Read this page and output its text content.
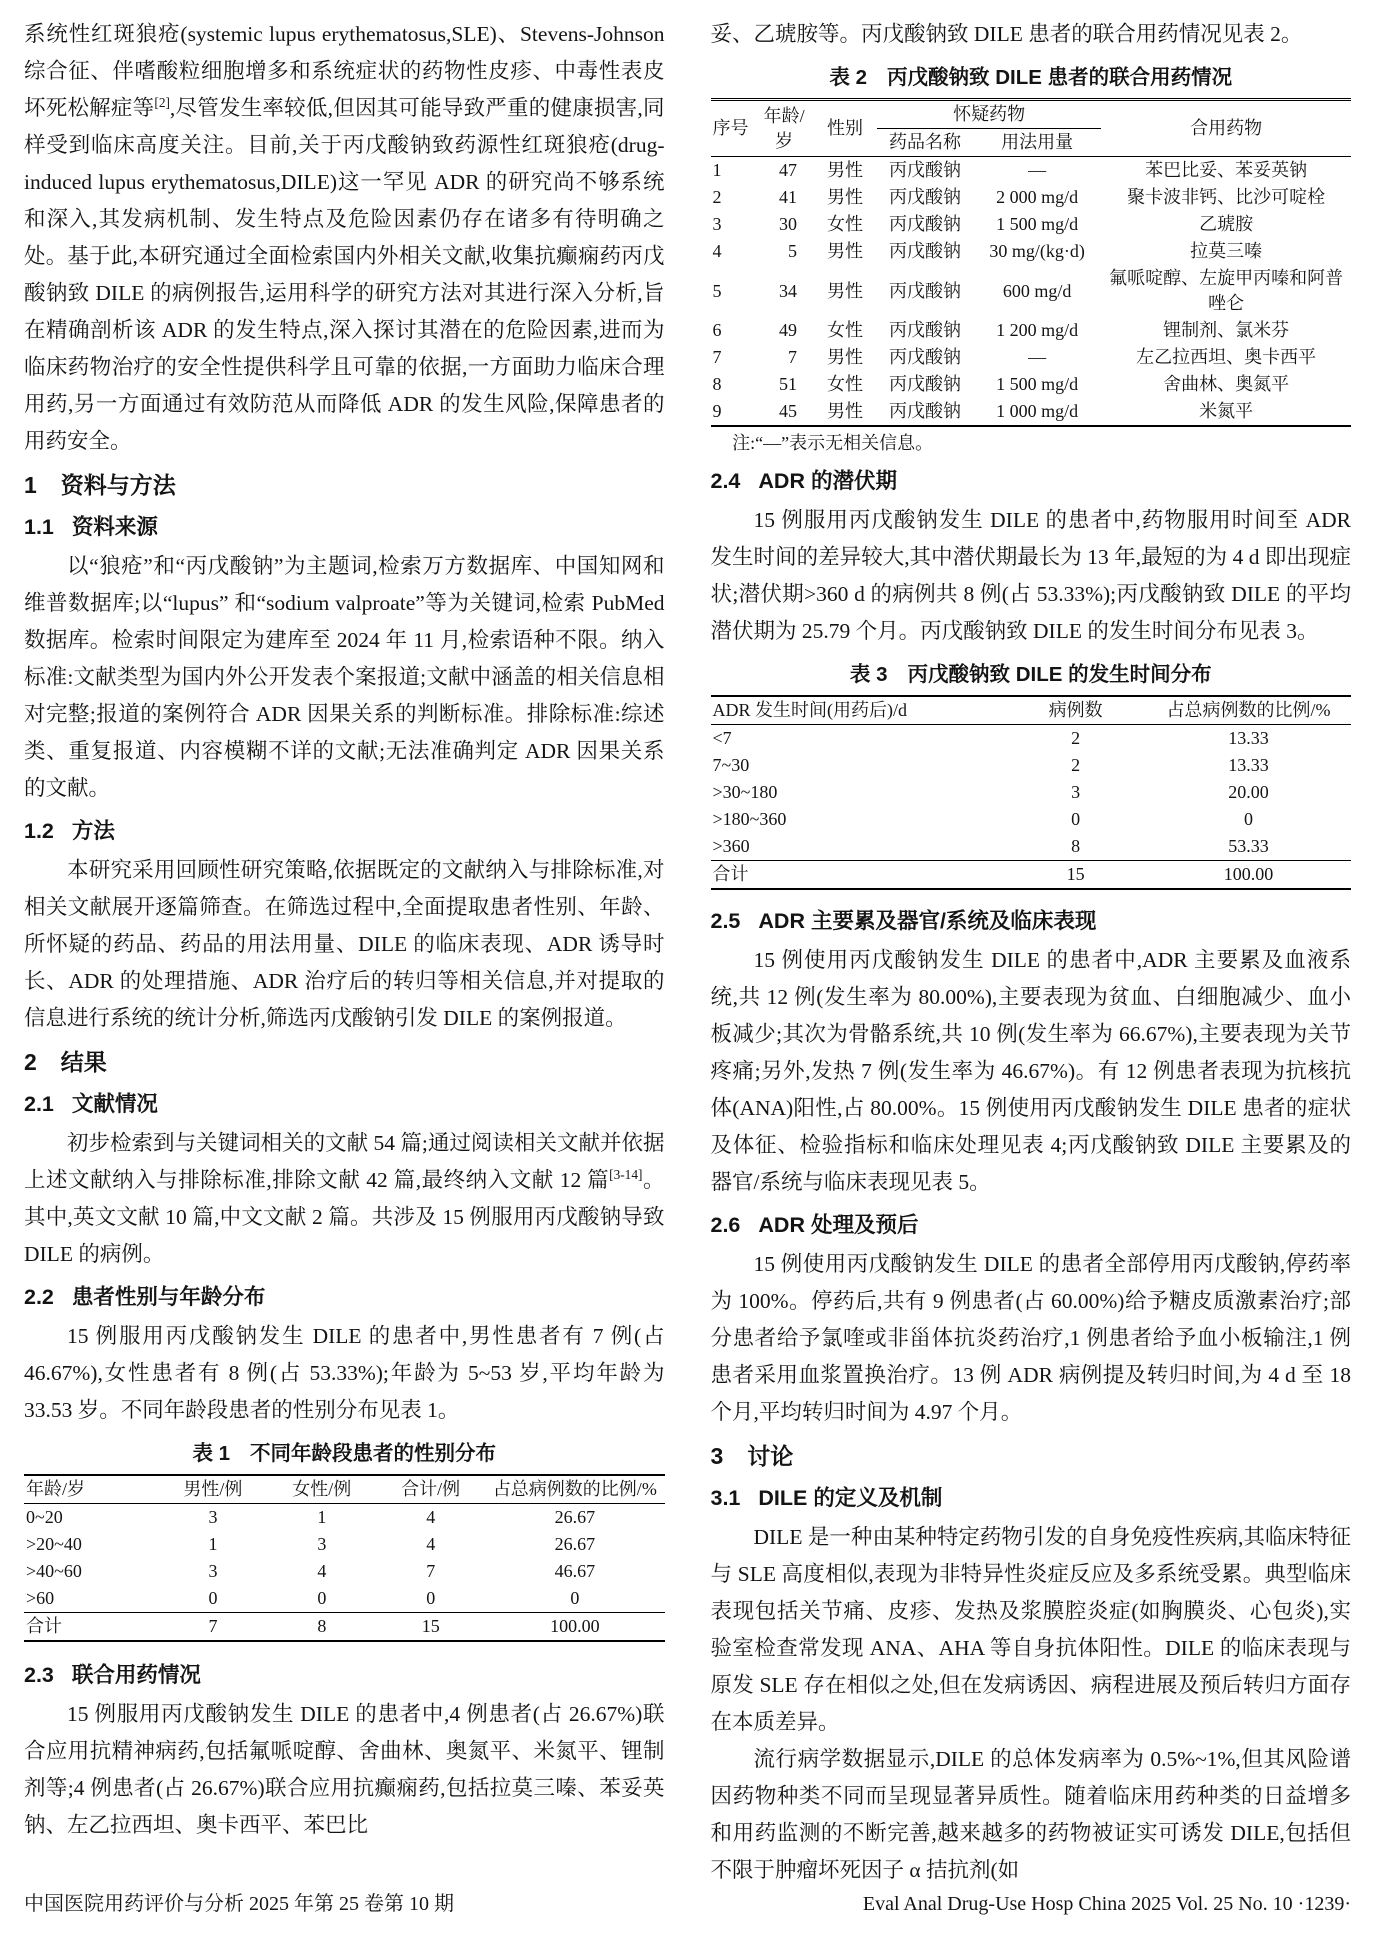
系统性红斑狼疮(systemic lupus erythematosus,SLE)、Stevens-Johnson 综合征、伴嗜酸粒细胞增多和系统症状的药物性皮疹、中毒性表皮坏死松解症等[2],尽管发生率较低,但因其可能导致严重的健康损害,同样受到临床高度关注。目前,关于丙戊酸钠致药源性红斑狼疮(drug-induced lupus erythematosus,DILE)这一罕见 ADR 的研究尚不够系统和深入,其发病机制、发生特点及危险因素仍存在诸多有待明确之处。基于此,本研究通过全面检索国内外相关文献,收集抗癫痫药丙戊酸钠致 DILE 的病例报告,运用科学的研究方法对其进行深入分析,旨在精确剖析该 ADR 的发生特点,深入探讨其潜在的危险因素,进而为临床药物治疗的安全性提供科学且可靠的依据,一方面助力临床合理用药,另一方面通过有效防范从而降低 ADR 的发生风险,保障患者的用药安全。

1 资料与方法
1.1 资料来源

以“狼疮”和“丙戊酸钠”为主题词,检索万方数据库、中国知网和维普数据库;以“lupus” 和“sodium valproate”等为关键词,检索 PubMed 数据库。检索时间限定为建库至 2024 年 11 月,检索语种不限。纳入标准:文献类型为国内外公开发表个案报道;文献中涵盖的相关信息相对完整;报道的案例符合 ADR 因果关系的判断标准。排除标准:综述类、重复报道、内容模糊不详的文献;无法准确判定 ADR 因果关系的文献。

1.2 方法

本研究采用回顾性研究策略,依据既定的文献纳入与排除标准,对相关文献展开逐篇筛查。在筛选过程中,全面提取患者性别、年龄、所怀疑的药品、药品的用法用量、DILE 的临床表现、ADR 诱导时长、ADR 的处理措施、ADR 治疗后的转归等相关信息,并对提取的信息进行系统的统计分析,筛选丙戊酸钠引发 DILE 的案例报道。

2 结果
2.1 文献情况

初步检索到与关键词相关的文献 54 篇;通过阅读相关文献并依据上述文献纳入与排除标准,排除文献 42 篇,最终纳入文献 12 篇[3-14]。其中,英文文献 10 篇,中文文献 2 篇。共涉及 15 例服用丙戊酸钠导致 DILE 的病例。

2.2 患者性别与年龄分布

15 例服用丙戊酸钠发生 DILE 的患者中,男性患者有 7 例(占 46.67%),女性患者有 8 例(占 53.33%);年龄为 5~53 岁,平均年龄为 33.53 岁。不同年龄段患者的性别分布见表 1。

表 1 不同年龄段患者的性别分布
年龄/岁	男性/例	女性/例	合计/例	占总病例数的比例/%
0~20	3	1	4	26.67
>20~40	1	3	4	26.67
>40~60	3	4	7	46.67
>60	0	0	0	0
合计	7	8	15	100.00
2.3 联合用药情况

15 例服用丙戊酸钠发生 DILE 的患者中,4 例患者(占 26.67%)联合应用抗精神病药,包括氟哌啶醇、舍曲林、奥氮平、米氮平、锂制剂等;4 例患者(占 26.67%)联合应用抗癫痫药,包括拉莫三嗪、苯妥英钠、左乙拉西坦、奥卡西平、苯巴比

妥、乙琥胺等。丙戊酸钠致 DILE 患者的联合用药情况见表 2。

表 2 丙戊酸钠致 DILE 患者的联合用药情况
序号	年龄/岁	性别	怀疑药物		合用药物
			药品名称	用法用量	
1	47	男性	丙戊酸钠	—	苯巴比妥、苯妥英钠
2	41	男性	丙戊酸钠	2 000 mg/d	聚卡波非钙、比沙可啶栓
3	30	女性	丙戊酸钠	1 500 mg/d	乙琥胺
4	5	男性	丙戊酸钠	30 mg/(kg·d)	拉莫三嗪
5	34	男性	丙戊酸钠	600 mg/d	氟哌啶醇、左旋甲丙嗪和阿普唑仑
6	49	女性	丙戊酸钠	1 200 mg/d	锂制剂、氯米芬
7	7	男性	丙戊酸钠	—	左乙拉西坦、奥卡西平
8	51	女性	丙戊酸钠	1 500 mg/d	舍曲林、奥氮平
9	45	男性	丙戊酸钠	1 000 mg/d	米氮平

注:“—”表示无相关信息。

2.4 ADR 的潜伏期

15 例服用丙戊酸钠发生 DILE 的患者中,药物服用时间至 ADR 发生时间的差异较大,其中潜伏期最长为 13 年,最短的为 4 d 即出现症状;潜伏期>360 d 的病例共 8 例(占 53.33%);丙戊酸钠致 DILE 的平均潜伏期为 25.79 个月。丙戊酸钠致 DILE 的发生时间分布见表 3。

表 3 丙戊酸钠致 DILE 的发生时间分布
ADR 发生时间(用药后)/d	病例数	占总病例数的比例/%
<7	2	13.33
7~30	2	13.33
>30~180	3	20.00
>180~360	0	0
>360	8	53.33
合计	15	100.00
2.5 ADR 主要累及器官/系统及临床表现

15 例使用丙戊酸钠发生 DILE 的患者中,ADR 主要累及血液系统,共 12 例(发生率为 80.00%),主要表现为贫血、白细胞减少、血小板减少;其次为骨骼系统,共 10 例(发生率为 66.67%),主要表现为关节疼痛;另外,发热 7 例(发生率为 46.67%)。有 12 例患者表现为抗核抗体(ANA)阳性,占 80.00%。15 例使用丙戊酸钠发生 DILE 患者的症状及体征、检验指标和临床处理见表 4;丙戊酸钠致 DILE 主要累及的器官/系统与临床表现见表 5。

2.6 ADR 处理及预后

15 例使用丙戊酸钠发生 DILE 的患者全部停用丙戊酸钠,停药率为 100%。停药后,共有 9 例患者(占 60.00%)给予糖皮质激素治疗;部分患者给予氯喹或非甾体抗炎药治疗,1 例患者给予血小板输注,1 例患者采用血浆置换治疗。13 例 ADR 病例提及转归时间,为 4 d 至 18 个月,平均转归时间为 4.97 个月。

3 讨论
3.1 DILE 的定义及机制

DILE 是一种由某种特定药物引发的自身免疫性疾病,其临床特征与 SLE 高度相似,表现为非特异性炎症反应及多系统受累。典型临床表现包括关节痛、皮疹、发热及浆膜腔炎症(如胸膜炎、心包炎),实验室检查常发现 ANA、AHA 等自身抗体阳性。DILE 的临床表现与原发 SLE 存在相似之处,但在发病诱因、病程进展及预后转归方面存在本质差异。

流行病学数据显示,DILE 的总体发病率为 0.5%~1%,但其风险谱因药物种类不同而呈现显著异质性。随着临床用药种类的日益增多和用药监测的不断完善,越来越多的药物被证实可诱发 DILE,包括但不限于肿瘤坏死因子 α 拮抗剂(如

中国医院用药评价与分析 2025 年第 25 卷第 10 期	Eval Anal Drug-Use Hosp China 2025 Vol. 25 No. 10 ·1239·
